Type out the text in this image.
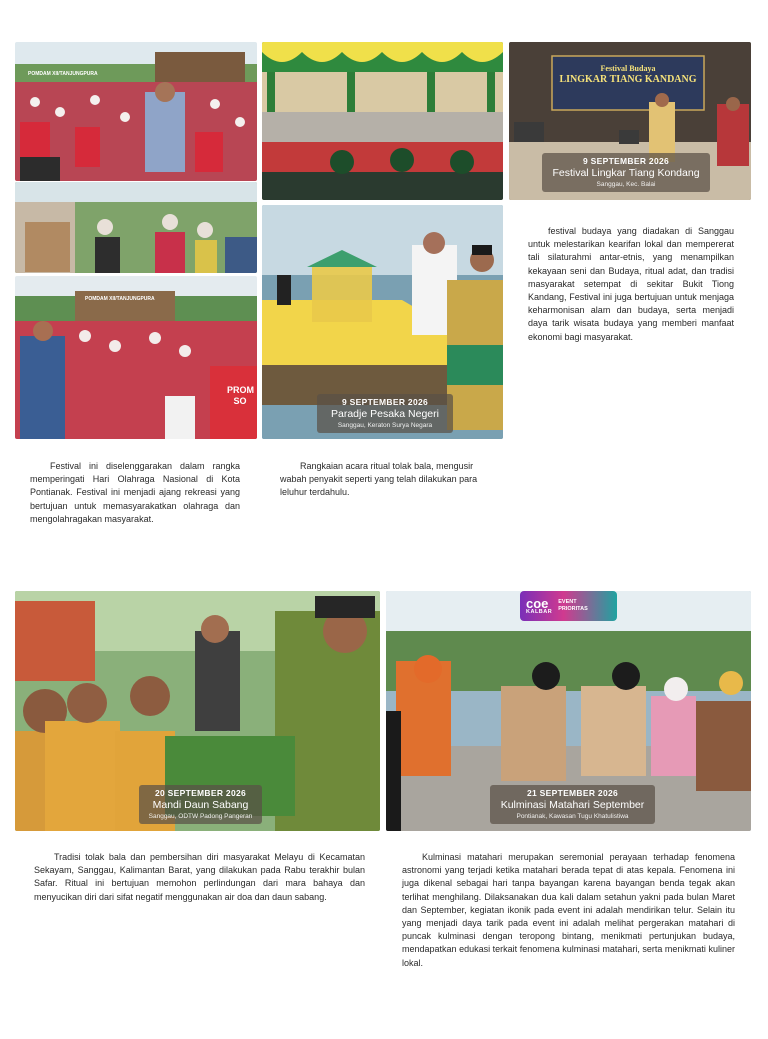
POMDAM XII/TANJUNGPURA
POMDAM XII/TANJUNGPURA
PROM SO
Festival Budaya
LINGKAR TIANG KANDANG
coe
KALBAR
EVENT
PRIORITAS
9 SEPTEMBER 2026
Festival Lingkar Tiang Kondang
Sanggau, Kec. Balai
9 SEPTEMBER 2026
Paradje Pesaka Negeri
Sanggau, Keraton Surya Negara
20 SEPTEMBER 2026
Mandi Daun Sabang
Sanggau, ODTW Padong Pangeran
21 SEPTEMBER 2026
Kulminasi Matahari September
Pontianak, Kawasan Tugu Khatulistiwa

festival budaya yang diadakan di Sanggau untuk melestarikan kearifan lokal dan mempererat tali silaturahmi antar-etnis, yang menampilkan kekayaan seni dan Budaya, ritual adat, dan tradisi masyarakat setempat di sekitar Bukit Tiong Kandang, Festival ini juga bertujuan untuk menjaga keharmonisan alam dan budaya, serta menjadi daya tarik wisata budaya yang memberi manfaat ekonomi bagi masyarakat.

Festival ini diselenggarakan dalam rangka memperingati Hari Olahraga Nasional di Kota Pontianak. Festival ini menjadi ajang rekreasi yang bertujuan untuk memasyarakatkan olahraga dan mengolahragakan masyarakat.

Rangkaian acara ritual tolak bala, mengusir wabah penyakit seperti yang telah dilakukan para leluhur terdahulu.

Tradisi tolak bala dan pembersihan diri masyarakat Melayu di Kecamatan Sekayam, Sanggau, Kalimantan Barat, yang dilakukan pada Rabu terakhir bulan Safar. Ritual ini bertujuan memohon perlindungan dari mara bahaya dan menyucikan diri dari sifat negatif menggunakan air doa dan daun sabang.

Kulminasi matahari merupakan seremonial perayaan terhadap fenomena astronomi yang terjadi ketika matahari berada tepat di atas kepala. Fenomena ini juga dikenal sebagai hari tanpa bayangan karena bayangan benda tegak akan terlihat menghilang. Dilaksanakan dua kali dalam setahun yakni pada bulan Maret dan September, kegiatan ikonik pada event ini adalah mendirikan telur. Selain itu yang menjadi daya tarik pada event ini adalah melihat pergerakan matahari di puncak kulminasi dengan teropong bintang, menikmati pertunjukan budaya, mendapatkan edukasi terkait fenomena kulminasi matahari, serta menikmati kuliner lokal.
